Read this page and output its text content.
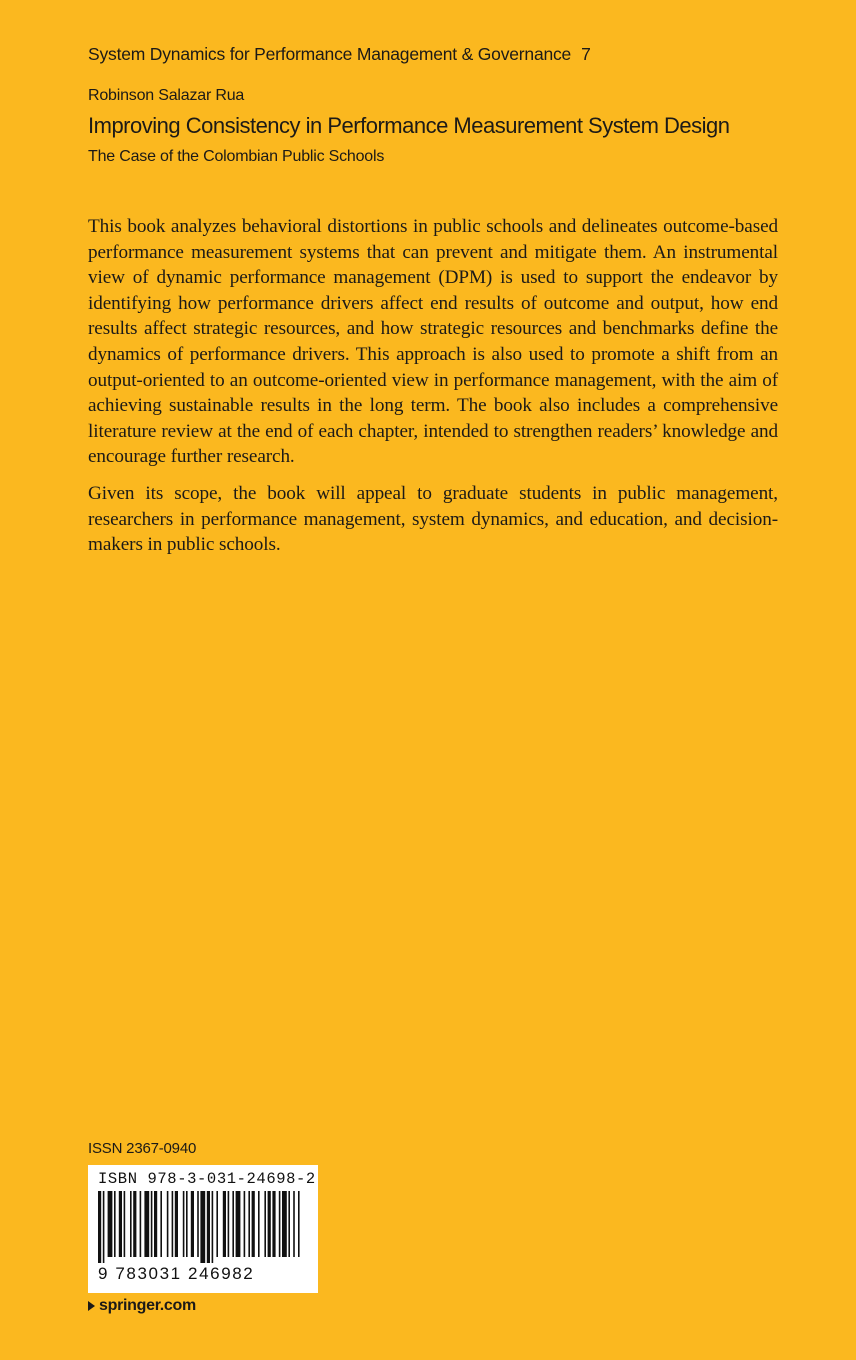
System Dynamics for Performance Management & Governance 7
Robinson Salazar Rua
Improving Consistency in Performance Measurement System Design
The Case of the Colombian Public Schools

This book analyzes behavioral distortions in public schools and delineates outcome-based performance measurement systems that can prevent and mitigate them. An instrumental view of dynamic performance management (DPM) is used to support the endeavor by identifying how performance drivers affect end results of outcome and output, how end results affect strategic resources, and how strategic resources and benchmarks define the dynamics of performance drivers. This approach is also used to promote a shift from an output-oriented to an outcome-oriented view in performance management, with the aim of achieving sustainable results in the long term. The book also includes a comprehensive literature review at the end of each chapter, intended to strengthen readers’ knowledge and encourage further research.

Given its scope, the book will appeal to graduate students in public management, researchers in performance management, system dynamics, and education, and decision-makers in public schools.

ISSN 2367-0940
ISBN 978-3-031-24698-2
9 783031 246982
springer.com
